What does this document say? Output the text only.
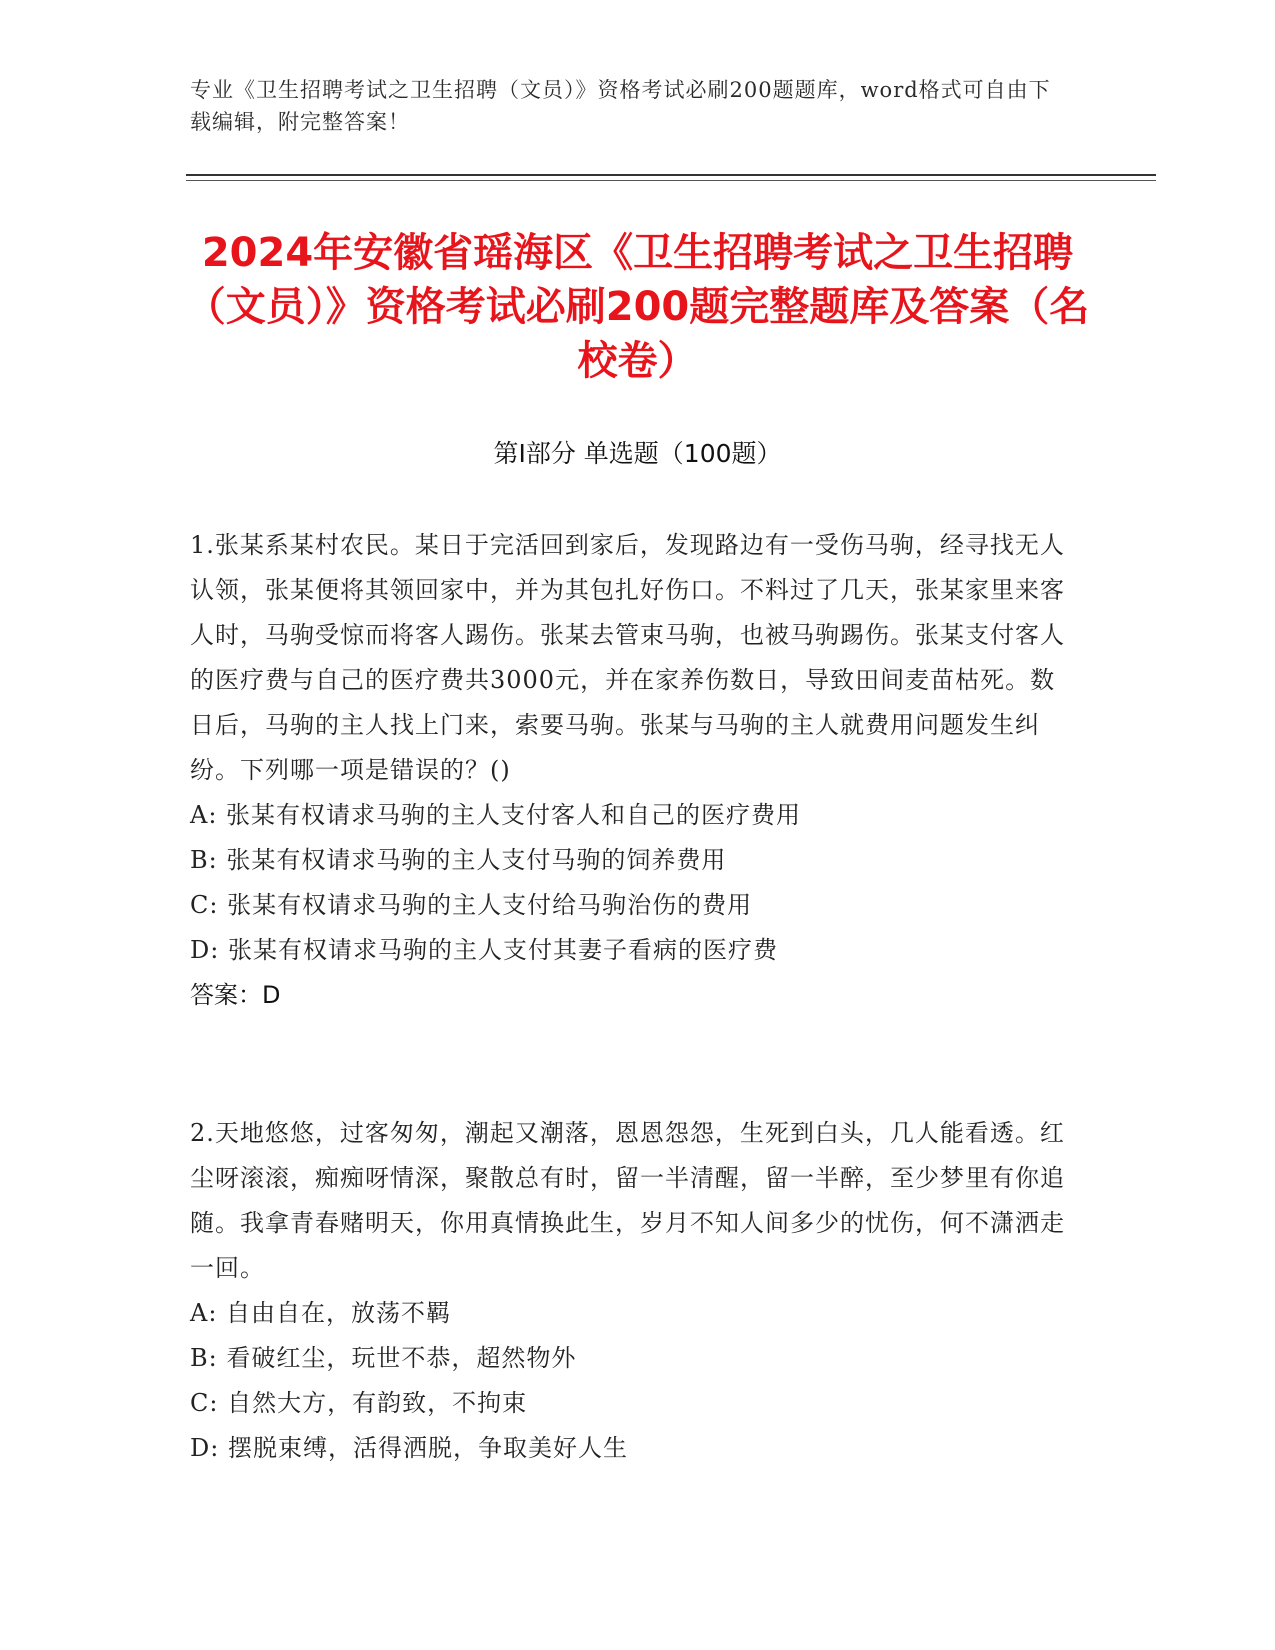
专业《卫生招聘考试之卫生招聘（文员）》资格考试必刷200题题库，word格式可自由下载编辑，附完整答案！
2024年安徽省瑶海区《卫生招聘考试之卫生招聘（文员）》资格考试必刷200题完整题库及答案（名校卷）
第Ⅰ部分 单选题（100题）
1.张某系某村农民。某日于完活回到家后，发现路边有一受伤马驹，经寻找无人认领，张某便将其领回家中，并为其包扎好伤口。不料过了几天，张某家里来客人时，马驹受惊而将客人踢伤。张某去管束马驹，也被马驹踢伤。张某支付客人的医疗费与自己的医疗费共3000元，并在家养伤数日，导致田间麦苗枯死。数日后，马驹的主人找上门来，索要马驹。张某与马驹的主人就费用问题发生纠纷。下列哪一项是错误的？()
A: 张某有权请求马驹的主人支付客人和自己的医疗费用
B: 张某有权请求马驹的主人支付马驹的饲养费用
C: 张某有权请求马驹的主人支付给马驹治伤的费用
D: 张某有权请求马驹的主人支付其妻子看病的医疗费
答案：D
2.天地悠悠，过客匆匆，潮起又潮落，恩恩怨怨，生死到白头，几人能看透。红尘呀滚滚，痴痴呀情深，聚散总有时，留一半清醒，留一半醉，至少梦里有你追随。我拿青春赌明天，你用真情换此生，岁月不知人间多少的忧伤，何不潇洒走一回。
A: 自由自在，放荡不羁
B: 看破红尘，玩世不恭，超然物外
C: 自然大方，有韵致，不拘束
D: 摆脱束缚，活得洒脱，争取美好人生
